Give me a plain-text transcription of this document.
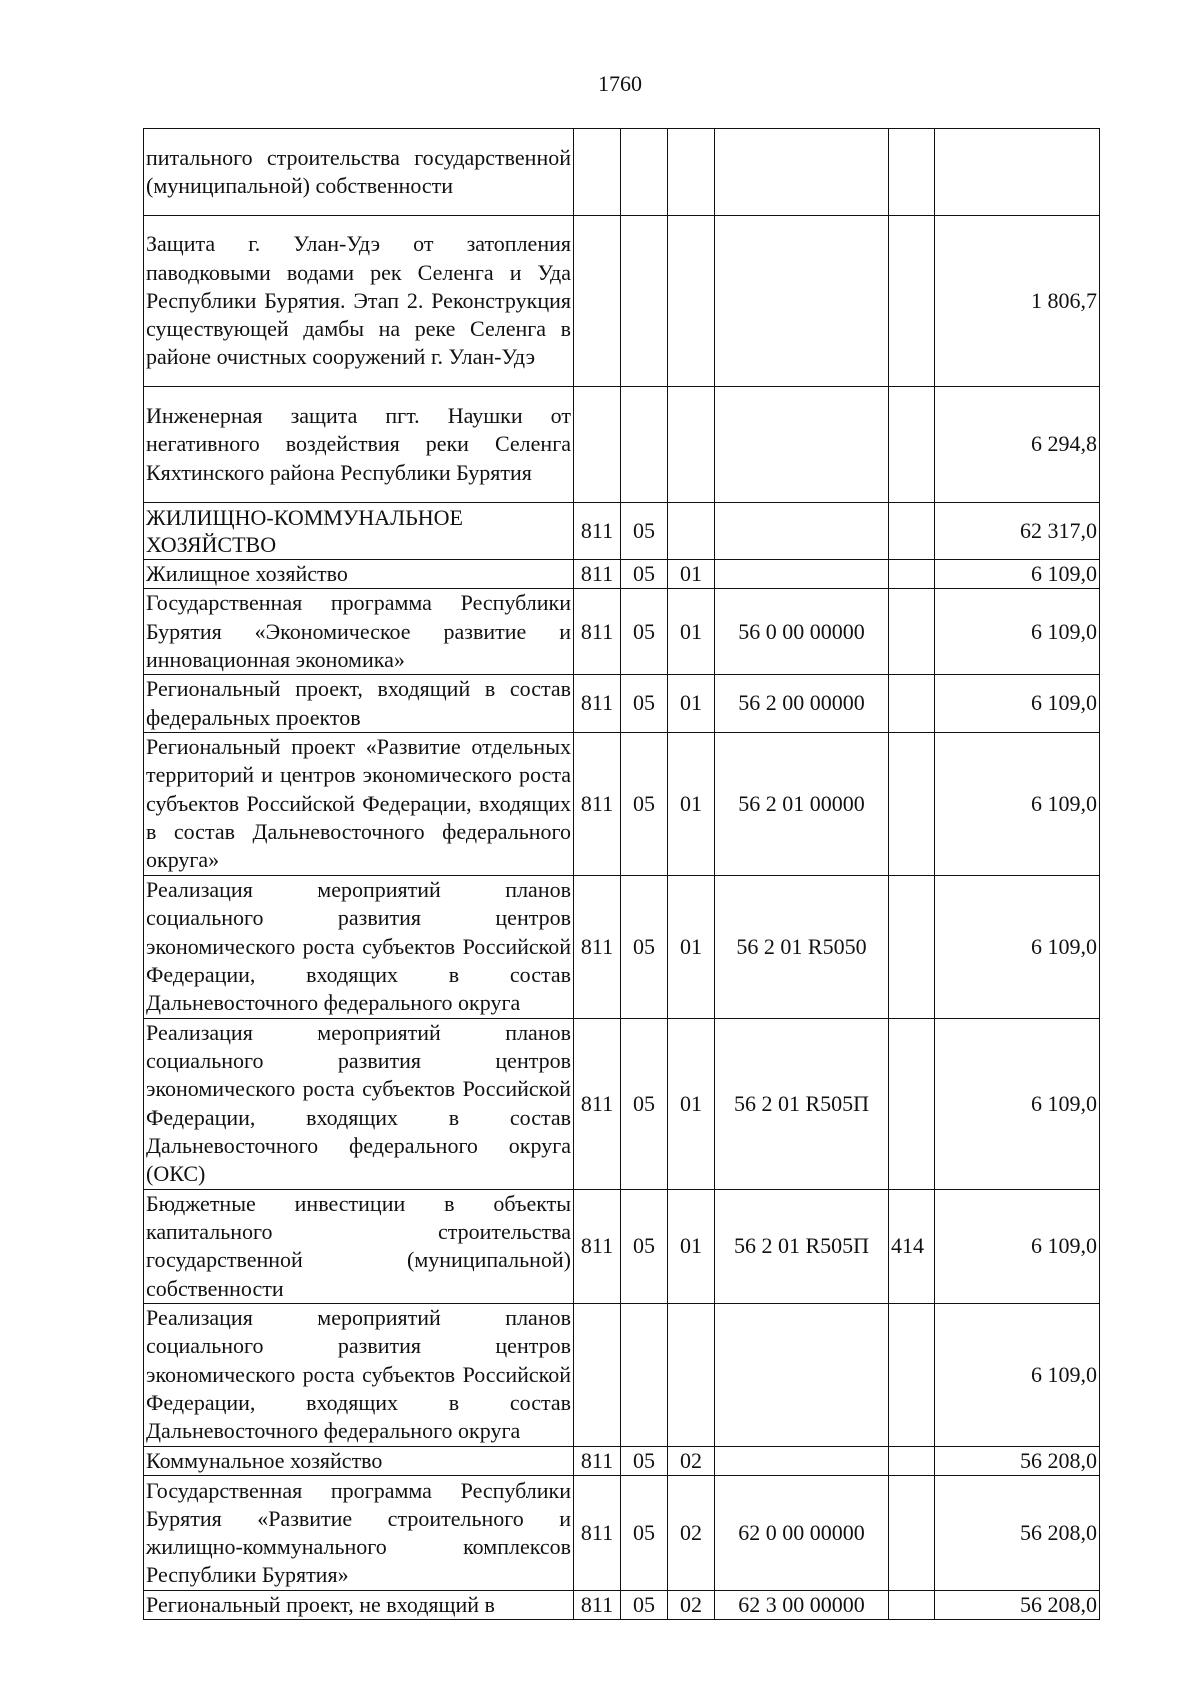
1760
питального строительства государственной (муниципальной) собственности						
Защита г. Улан-Удэ от затопления паводковыми водами рек Селенга и Уда Республики Бурятия. Этап 2. Реконструкция существующей дамбы на реке Селенга в районе очистных сооружений г. Улан-Удэ						1 806,7
Инженерная защита пгт. Наушки от негативного воздействия реки Селенга Кяхтинского района Республики Бурятия						6 294,8
ЖИЛИЩНО-КОММУНАЛЬНОЕ ХОЗЯЙСТВО	811	05				62 317,0
Жилищное хозяйство	811	05	01			6 109,0
Государственная программа Республики Бурятия «Экономическое развитие и инновационная экономика»	811	05	01	56 0 00 00000		6 109,0
Региональный проект, входящий в состав федеральных проектов	811	05	01	56 2 00 00000		6 109,0
Региональный проект «Развитие отдельных территорий и центров экономического роста субъектов Российской Федерации, входящих в состав Дальневосточного федерального округа»	811	05	01	56 2 01 00000		6 109,0
Реализация мероприятий планов социального развития центров экономического роста субъектов Российской Федерации, входящих в состав Дальневосточного федерального округа	811	05	01	56 2 01 R5050		6 109,0
Реализация мероприятий планов социального развития центров экономического роста субъектов Российской Федерации, входящих в состав Дальневосточного федерального округа (ОКС)	811	05	01	56 2 01 R505П		6 109,0
Бюджетные инвестиции в объекты капитального строительства государственной (муниципальной) собственности	811	05	01	56 2 01 R505П	414	6 109,0
Реализация мероприятий планов социального развития центров экономического роста субъектов Российской Федерации, входящих в состав Дальневосточного федерального округа						6 109,0
Коммунальное хозяйство	811	05	02			56 208,0
Государственная программа Республики Бурятия «Развитие строительного и жилищно-коммунального комплексов Республики Бурятия»	811	05	02	62 0 00 00000		56 208,0
Региональный проект, не входящий в	811	05	02	62 3 00 00000		56 208,0
